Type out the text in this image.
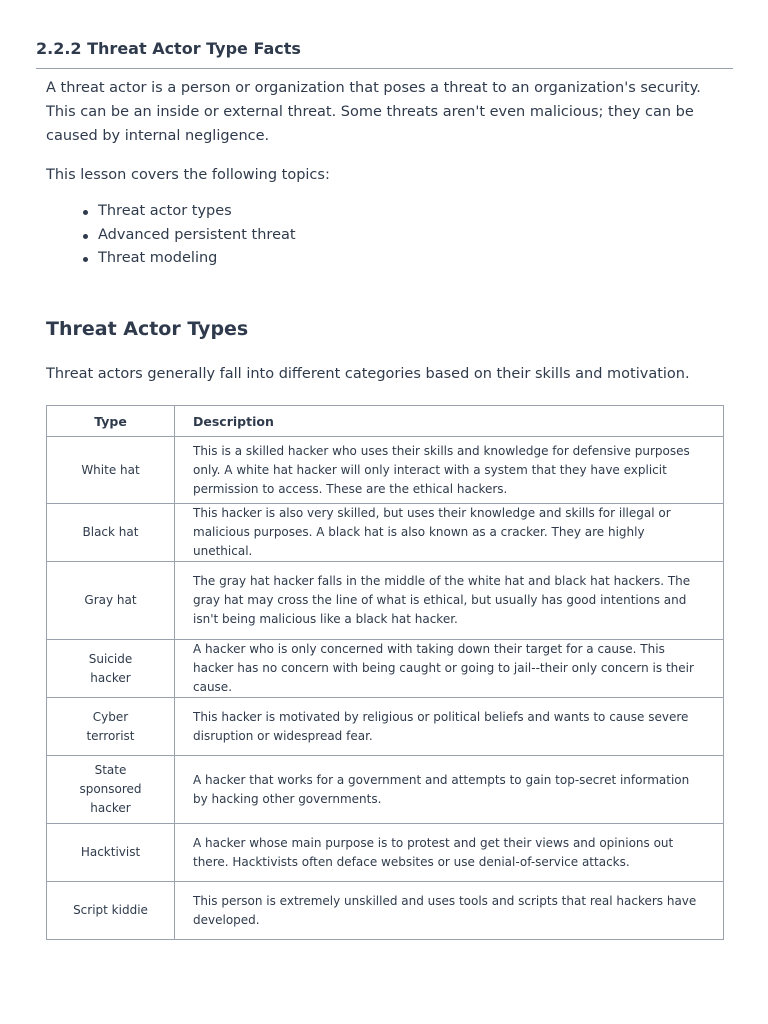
2.2.2 Threat Actor Type Facts

A threat actor is a person or organization that poses a threat to an organization's security. This can be an inside or external threat. Some threats aren't even malicious; they can be caused by internal negligence.

This lesson covers the following topics:

Threat actor types
Advanced persistent threat
Threat modeling
Threat Actor Types

Threat actors generally fall into different categories based on their skills and motivation.

Type	Description
White hat	This is a skilled hacker who uses their skills and knowledge for defensive purposes only. A white hat hacker will only interact with a system that they have explicit permission to access. These are the ethical hackers.
Black hat	This hacker is also very skilled, but uses their knowledge and skills for illegal or malicious purposes. A black hat is also known as a cracker. They are highly unethical.
Gray hat	The gray hat hacker falls in the middle of the white hat and black hat hackers. The gray hat may cross the line of what is ethical, but usually has good intentions and isn't being malicious like a black hat hacker.
Suicide hacker	A hacker who is only concerned with taking down their target for a cause. This hacker has no concern with being caught or going to jail--their only concern is their cause.
Cyber terrorist	This hacker is motivated by religious or political beliefs and wants to cause severe disruption or widespread fear.
State sponsored hacker	A hacker that works for a government and attempts to gain top-secret information by hacking other governments.
Hacktivist	A hacker whose main purpose is to protest and get their views and opinions out there. Hacktivists often deface websites or use denial-of-service attacks.
Script kiddie	This person is extremely unskilled and uses tools and scripts that real hackers have developed.
